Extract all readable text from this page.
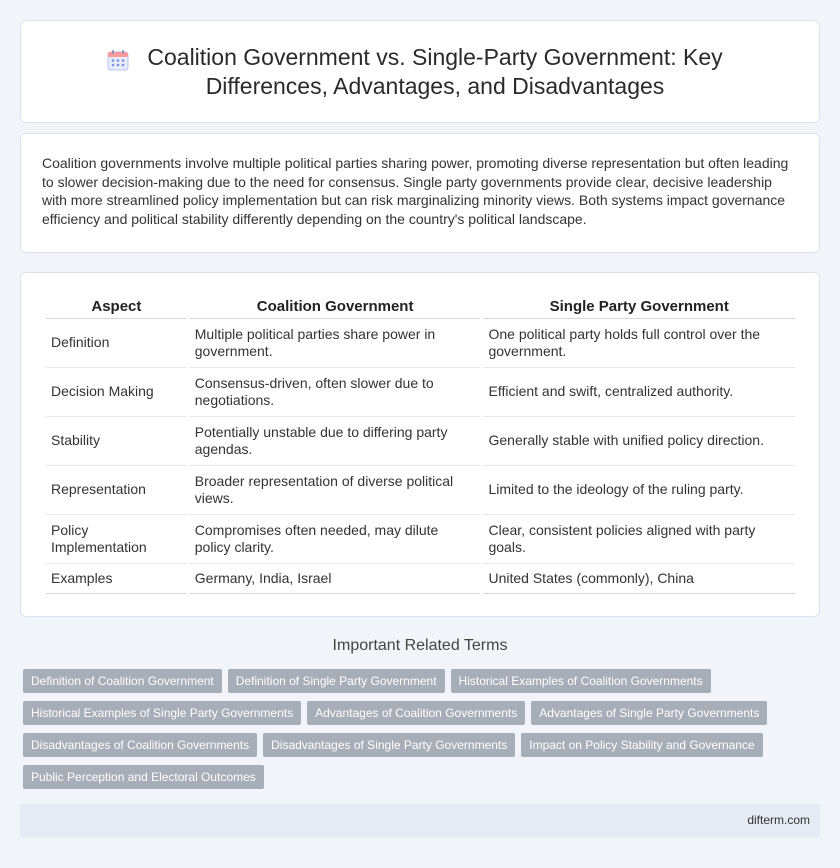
Coalition Government vs. Single-Party Government: Key Differences, Advantages, and Disadvantages

Coalition governments involve multiple political parties sharing power, promoting diverse representation but often leading to slower decision-making due to the need for consensus. Single party governments provide clear, decisive leadership with more streamlined policy implementation but can risk marginalizing minority views. Both systems impact governance efficiency and political stability differently depending on the country's political landscape.

Aspect	Coalition Government	Single Party Government
Definition	Multiple political parties share power in government.	One political party holds full control over the government.
Decision Making	Consensus-driven, often slower due to negotiations.	Efficient and swift, centralized authority.
Stability	Potentially unstable due to differing party agendas.	Generally stable with unified policy direction.
Representation	Broader representation of diverse political views.	Limited to the ideology of the ruling party.
Policy Implementation	Compromises often needed, may dilute policy clarity.	Clear, consistent policies aligned with party goals.
Examples	Germany, India, Israel	United States (commonly), China
Important Related Terms
Definition of Coalition Government	Definition of Single Party Government	Historical Examples of Coalition Governments
Historical Examples of Single Party Governments	Advantages of Coalition Governments	Advantages of Single Party Governments
Disadvantages of Coalition Governments	Disadvantages of Single Party Governments	Impact on Policy Stability and Governance
Public Perception and Electoral Outcomes
difterm.com
